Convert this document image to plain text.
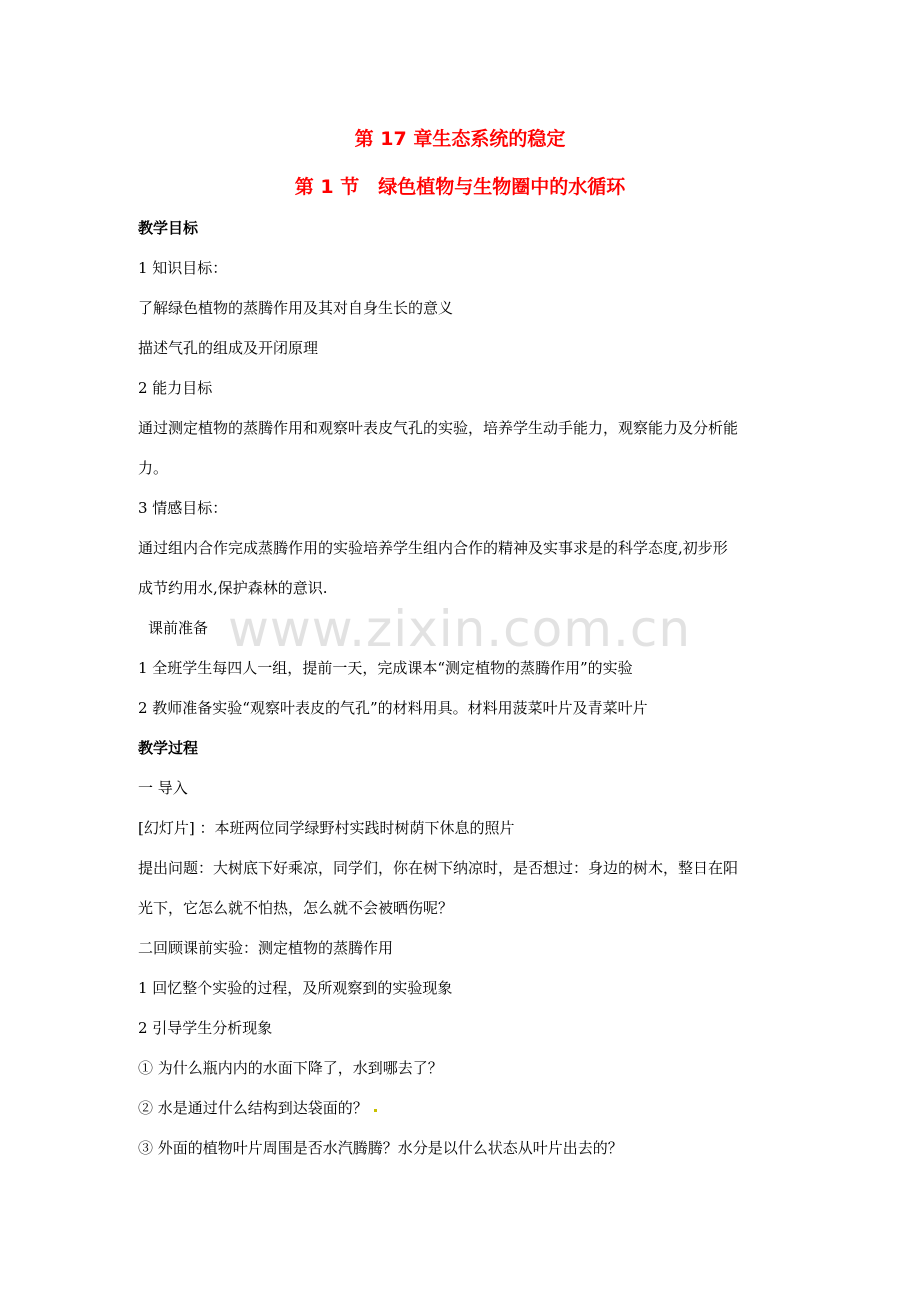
www.zixin.com.cn
第 17 章生态系统的稳定
第 1 节　绿色植物与生物圈中的水循环
教学目标
1 知识目标：
了解绿色植物的蒸腾作用及其对自身生长的意义
描述气孔的组成及开闭原理
2 能力目标
通过测定植物的蒸腾作用和观察叶表皮气孔的实验，培养学生动手能力，观察能力及分析能
力。
3 情感目标：
通过组内合作完成蒸腾作用的实验培养学生组内合作的精神及实事求是的科学态度,初步形
成节约用水,保护森林的意识.
课前准备
1 全班学生每四人一组，提前一天，完成课本“测定植物的蒸腾作用”的实验
2 教师准备实验“观察叶表皮的气孔”的材料用具。材料用菠菜叶片及青菜叶片
教学过程
一 导入
[幻灯片] ：本班两位同学绿野村实践时树荫下休息的照片
提出问题：大树底下好乘凉，同学们，你在树下纳凉时，是否想过：身边的树木，整日在阳
光下，它怎么就不怕热，怎么就不会被晒伤呢？
二回顾课前实验：测定植物的蒸腾作用
1 回忆整个实验的过程，及所观察到的实验现象
2 引导学生分析现象
① 为什么瓶内内的水面下降了，水到哪去了？
② 水是通过什么结构到达袋面的？
③ 外面的植物叶片周围是否水汽腾腾？水分是以什么状态从叶片出去的？
